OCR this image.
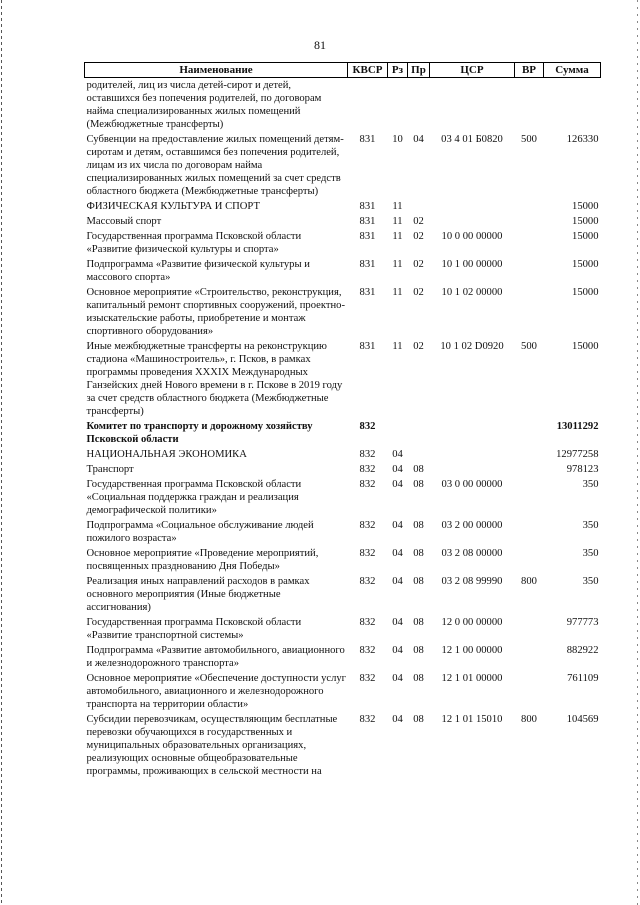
81
Наименование	КВСР	Рз	Пр	ЦСР	ВР	Сумма
родителей, лиц из числа детей-сирот и детей, оставшихся без попечения родителей, по договорам найма специализированных жилых помещений (Межбюджетные трансферты)						
Субвенции на предоставление жилых помещений детям-сиротам и детям, оставшимся без попечения родителей, лицам из их числа по договорам найма специализированных жилых помещений за счет средств областного бюджета (Межбюджетные трансферты)	831	10	04	03 4 01 Б0820	500	126330
ФИЗИЧЕСКАЯ КУЛЬТУРА И СПОРТ	831	11				15000
Массовый спорт	831	11	02			15000
Государственная программа Псковской области «Развитие физической культуры и спорта»	831	11	02	10 0 00 00000		15000
Подпрограмма «Развитие физической культуры и массового спорта»	831	11	02	10 1 00 00000		15000
Основное мероприятие «Строительство, реконструкция, капитальный ремонт спортивных сооружений, проектно-изыскательские работы, приобретение и монтаж спортивного оборудования»	831	11	02	10 1 02 00000		15000
Иные межбюджетные трансферты на реконструкцию стадиона «Машиностроитель», г. Псков, в рамках программы проведения XXXIX Международных Ганзейских дней Нового времени в г. Пскове в 2019 году за счет средств областного бюджета (Межбюджетные трансферты)	831	11	02	10 1 02 D0920	500	15000
Комитет по транспорту и дорожному хозяйству Псковской области	832					13011292
НАЦИОНАЛЬНАЯ ЭКОНОМИКА	832	04				12977258
Транспорт	832	04	08			978123
Государственная программа Псковской области «Социальная поддержка граждан и реализация демографической политики»	832	04	08	03 0 00 00000		350
Подпрограмма «Социальное обслуживание людей пожилого возраста»	832	04	08	03 2 00 00000		350
Основное мероприятие «Проведение мероприятий, посвященных празднованию Дня Победы»	832	04	08	03 2 08 00000		350
Реализация иных направлений расходов в рамках основного мероприятия (Иные бюджетные ассигнования)	832	04	08	03 2 08 99990	800	350
Государственная программа Псковской области «Развитие транспортной системы»	832	04	08	12 0 00 00000		977773
Подпрограмма «Развитие автомобильного, авиационного и железнодорожного транспорта»	832	04	08	12 1 00 00000		882922
Основное мероприятие «Обеспечение доступности услуг автомобильного, авиационного и железнодорожного транспорта на территории области»	832	04	08	12 1 01 00000		761109
Субсидии перевозчикам, осуществляющим бесплатные перевозки обучающихся в государственных и муниципальных образовательных организациях, реализующих основные общеобразовательные программы, проживающих в сельской местности на	832	04	08	12 1 01 15010	800	104569
